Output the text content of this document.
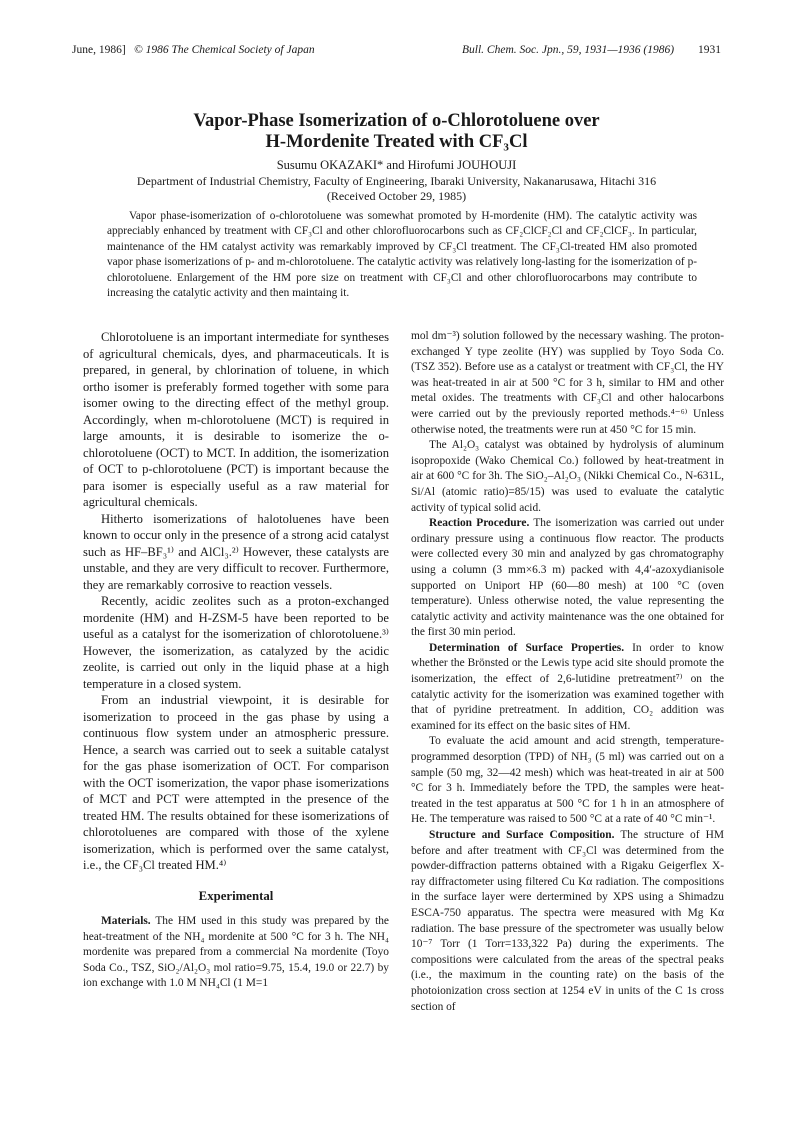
June, 1986] © 1986 The Chemical Society of Japan	Bull. Chem. Soc. Jpn., 59, 1931—1936 (1986) 1931
Vapor-Phase Isomerization of o-Chlorotoluene over
H-Mordenite Treated with CF₃Cl
Susumu OKAZAKI* and Hirofumi JOUHOUJI
Department of Industrial Chemistry, Faculty of Engineering, Ibaraki University, Nakanarusawa, Hitachi 316
(Received October 29, 1985)

Vapor phase-isomerization of o-chlorotoluene was somewhat promoted by H-mordenite (HM). The catalytic activity was appreciably enhanced by treatment with CF₃Cl and other chlorofluorocarbons such as CF₂ClCF₂Cl and CF₂ClCF₃. In particular, maintenance of the HM catalyst activity was remarkably improved by CF₃Cl treatment. The CF₃Cl-treated HM also promoted vapor phase isomerizations of p- and m-chlorotoluene. The catalytic activity was relatively long-lasting for the isomerization of p-chlorotoluene. Enlargement of the HM pore size on treatment with CF₃Cl and other chlorofluorocarbons may contribute to increasing the catalytic activity and then maintaing it.

Chlorotoluene is an important intermediate for syntheses of agricultural chemicals, dyes, and pharmaceuticals. It is prepared, in general, by chlorination of toluene, in which ortho isomer is preferably formed together with some para isomer owing to the directing effect of the methyl group. Accordingly, when m-chlorotoluene (MCT) is required in large amounts, it is desirable to isomerize the o-chlorotoluene (OCT) to MCT. In addition, the isomerization of OCT to p-chlorotoluene (PCT) is important because the para isomer is especially useful as a raw material for agricultural chemicals.

Hitherto isomerizations of halotoluenes have been known to occur only in the presence of a strong acid catalyst such as HF–BF₃¹⁾ and AlCl₃.²⁾ However, these catalysts are unstable, and they are very difficult to recover. Furthermore, they are remarkably corrosive to reaction vessels.

Recently, acidic zeolites such as a proton-exchanged mordenite (HM) and H-ZSM-5 have been reported to be useful as a catalyst for the isomerization of chlorotoluene.³⁾ However, the isomerization, as catalyzed by the acidic zeolite, is carried out only in the liquid phase at a high temperature in a closed system.

From an industrial viewpoint, it is desirable for isomerization to proceed in the gas phase by using a continuous flow system under an atmospheric pressure. Hence, a search was carried out to seek a suitable catalyst for the gas phase isomerization of OCT. For comparison with the OCT isomerization, the vapor phase isomerizations of MCT and PCT were attempted in the presence of the treated HM. The results obtained for these isomerizations of chlorotoluenes are compared with those of the xylene isomerization, which is performed over the same catalyst, i.e., the CF₃Cl treated HM.⁴⁾

Experimental

Materials. The HM used in this study was prepared by the heat-treatment of the NH₄ mordenite at 500 °C for 3 h. The NH₄ mordenite was prepared from a commercial Na mordenite (Toyo Soda Co., TSZ, SiO₂/Al₂O₃ mol ratio=9.75, 15.4, 19.0 or 22.7) by ion exchange with 1.0 M NH₄Cl (1 M=1

mol dm⁻³) solution followed by the necessary washing. The proton-exchanged Y type zeolite (HY) was supplied by Toyo Soda Co. (TSZ 352). Before use as a catalyst or treatment with CF₃Cl, the HY was heat-treated in air at 500 °C for 3 h, similar to HM and other metal oxides. The treatments with CF₃Cl and other halocarbons were carried out by the previously reported methods.⁴⁻⁶⁾ Unless otherwise noted, the treatments were run at 450 °C for 15 min.

The Al₂O₃ catalyst was obtained by hydrolysis of aluminum isopropoxide (Wako Chemical Co.) followed by heat-treatment in air at 600 °C for 3h. The SiO₂–Al₂O₃ (Nikki Chemical Co., N-631L, Si/Al (atomic ratio)=85/15) was used to evaluate the catalytic activity of typical solid acid.

Reaction Procedure. The isomerization was carried out under ordinary pressure using a continuous flow reactor. The products were collected every 30 min and analyzed by gas chromatography using a column (3 mm×6.3 m) packed with 4,4′-azoxydianisole supported on Uniport HP (60—80 mesh) at 100 °C (oven temperature). Unless otherwise noted, the value representing the catalytic activity and activity maintenance was the one obtained for the first 30 min period.

Determination of Surface Properties. In order to know whether the Brönsted or the Lewis type acid site should promote the isomerization, the effect of 2,6-lutidine pretreatment⁷⁾ on the catalytic activity for the isomerization was examined together with that of pyridine pretreatment. In addition, CO₂ addition was examined for its effect on the basic sites of HM.

To evaluate the acid amount and acid strength, temperature-programmed desorption (TPD) of NH₃ (5 ml) was carried out on a sample (50 mg, 32—42 mesh) which was heat-treated in air at 500 °C for 3 h. Immediately before the TPD, the samples were heat-treated in the test apparatus at 500 °C for 1 h in an atmosphere of He. The temperature was raised to 500 °C at a rate of 40 °C min⁻¹.

Structure and Surface Composition. The structure of HM before and after treatment with CF₃Cl was determined from the powder-diffraction patterns obtained with a Rigaku Geigerflex X-ray diffractometer using filtered Cu Kα radiation. The compositions in the surface layer were dertermined by XPS using a Shimadzu ESCA-750 apparatus. The spectra were measured with Mg Kα radiation. The base pressure of the spectrometer was usually below 10⁻⁷ Torr (1 Torr=133,322 Pa) during the experiments. The compositions were calculated from the areas of the spectral peaks (i.e., the maximum in the counting rate) on the basis of the photoionization cross section at 1254 eV in units of the C 1s cross section of
